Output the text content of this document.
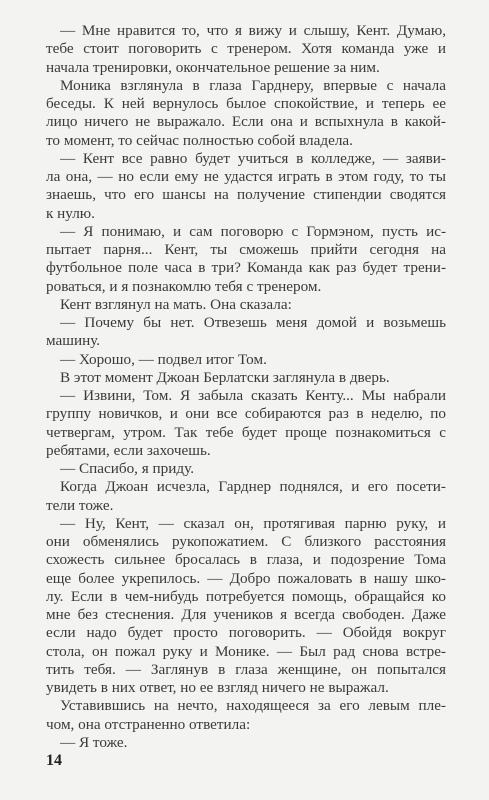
— Мне нравится то, что я вижу и слышу, Кент. Думаю,
тебе стоит поговорить с тренером. Хотя команда уже и
начала тренировки, окончательное решение за ним.
Моника взглянула в глаза Гарднеру, впервые с начала
беседы. К ней вернулось былое спокойствие, и теперь ее
лицо ничего не выражало. Если она и вспыхнула в какой-
то момент, то сейчас полностью собой владела.
— Кент все равно будет учиться в колледже, — заяви-
ла она, — но если ему не удастся играть в этом году, то ты
знаешь, что его шансы на получение стипендии сводятся
к нулю.
— Я понимаю, и сам поговорю с Гормэном, пусть ис-
пытает парня... Кент, ты сможешь прийти сегодня на
футбольное поле часа в три? Команда как раз будет трени-
роваться, и я познакомлю тебя с тренером.
Кент взглянул на мать. Она сказала:
— Почему бы нет. Отвезешь меня домой и возьмешь
машину.
— Хорошо, — подвел итог Том.
В этот момент Джоан Берлатски заглянула в дверь.
— Извини, Том. Я забыла сказать Кенту... Мы набрали
группу новичков, и они все собираются раз в неделю, по
четвергам, утром. Так тебе будет проще познакомиться с
ребятами, если захочешь.
— Спасибо, я приду.
Когда Джоан исчезла, Гарднер поднялся, и его посети-
тели тоже.
— Ну, Кент, — сказал он, протягивая парню руку, и
они обменялись рукопожатием. С близкого расстояния
схожесть сильнее бросалась в глаза, и подозрение Тома
еще более укрепилось. — Добро пожаловать в нашу шко-
лу. Если в чем-нибудь потребуется помощь, обращайся ко
мне без стеснения. Для учеников я всегда свободен. Даже
если надо будет просто поговорить. — Обойдя вокруг
стола, он пожал руку и Монике. — Был рад снова встре-
тить тебя. — Заглянув в глаза женщине, он попытался
увидеть в них ответ, но ее взгляд ничего не выражал.
Уставившись на нечто, находящееся за его левым пле-
чом, она отстраненно ответила:
— Я тоже.
14
